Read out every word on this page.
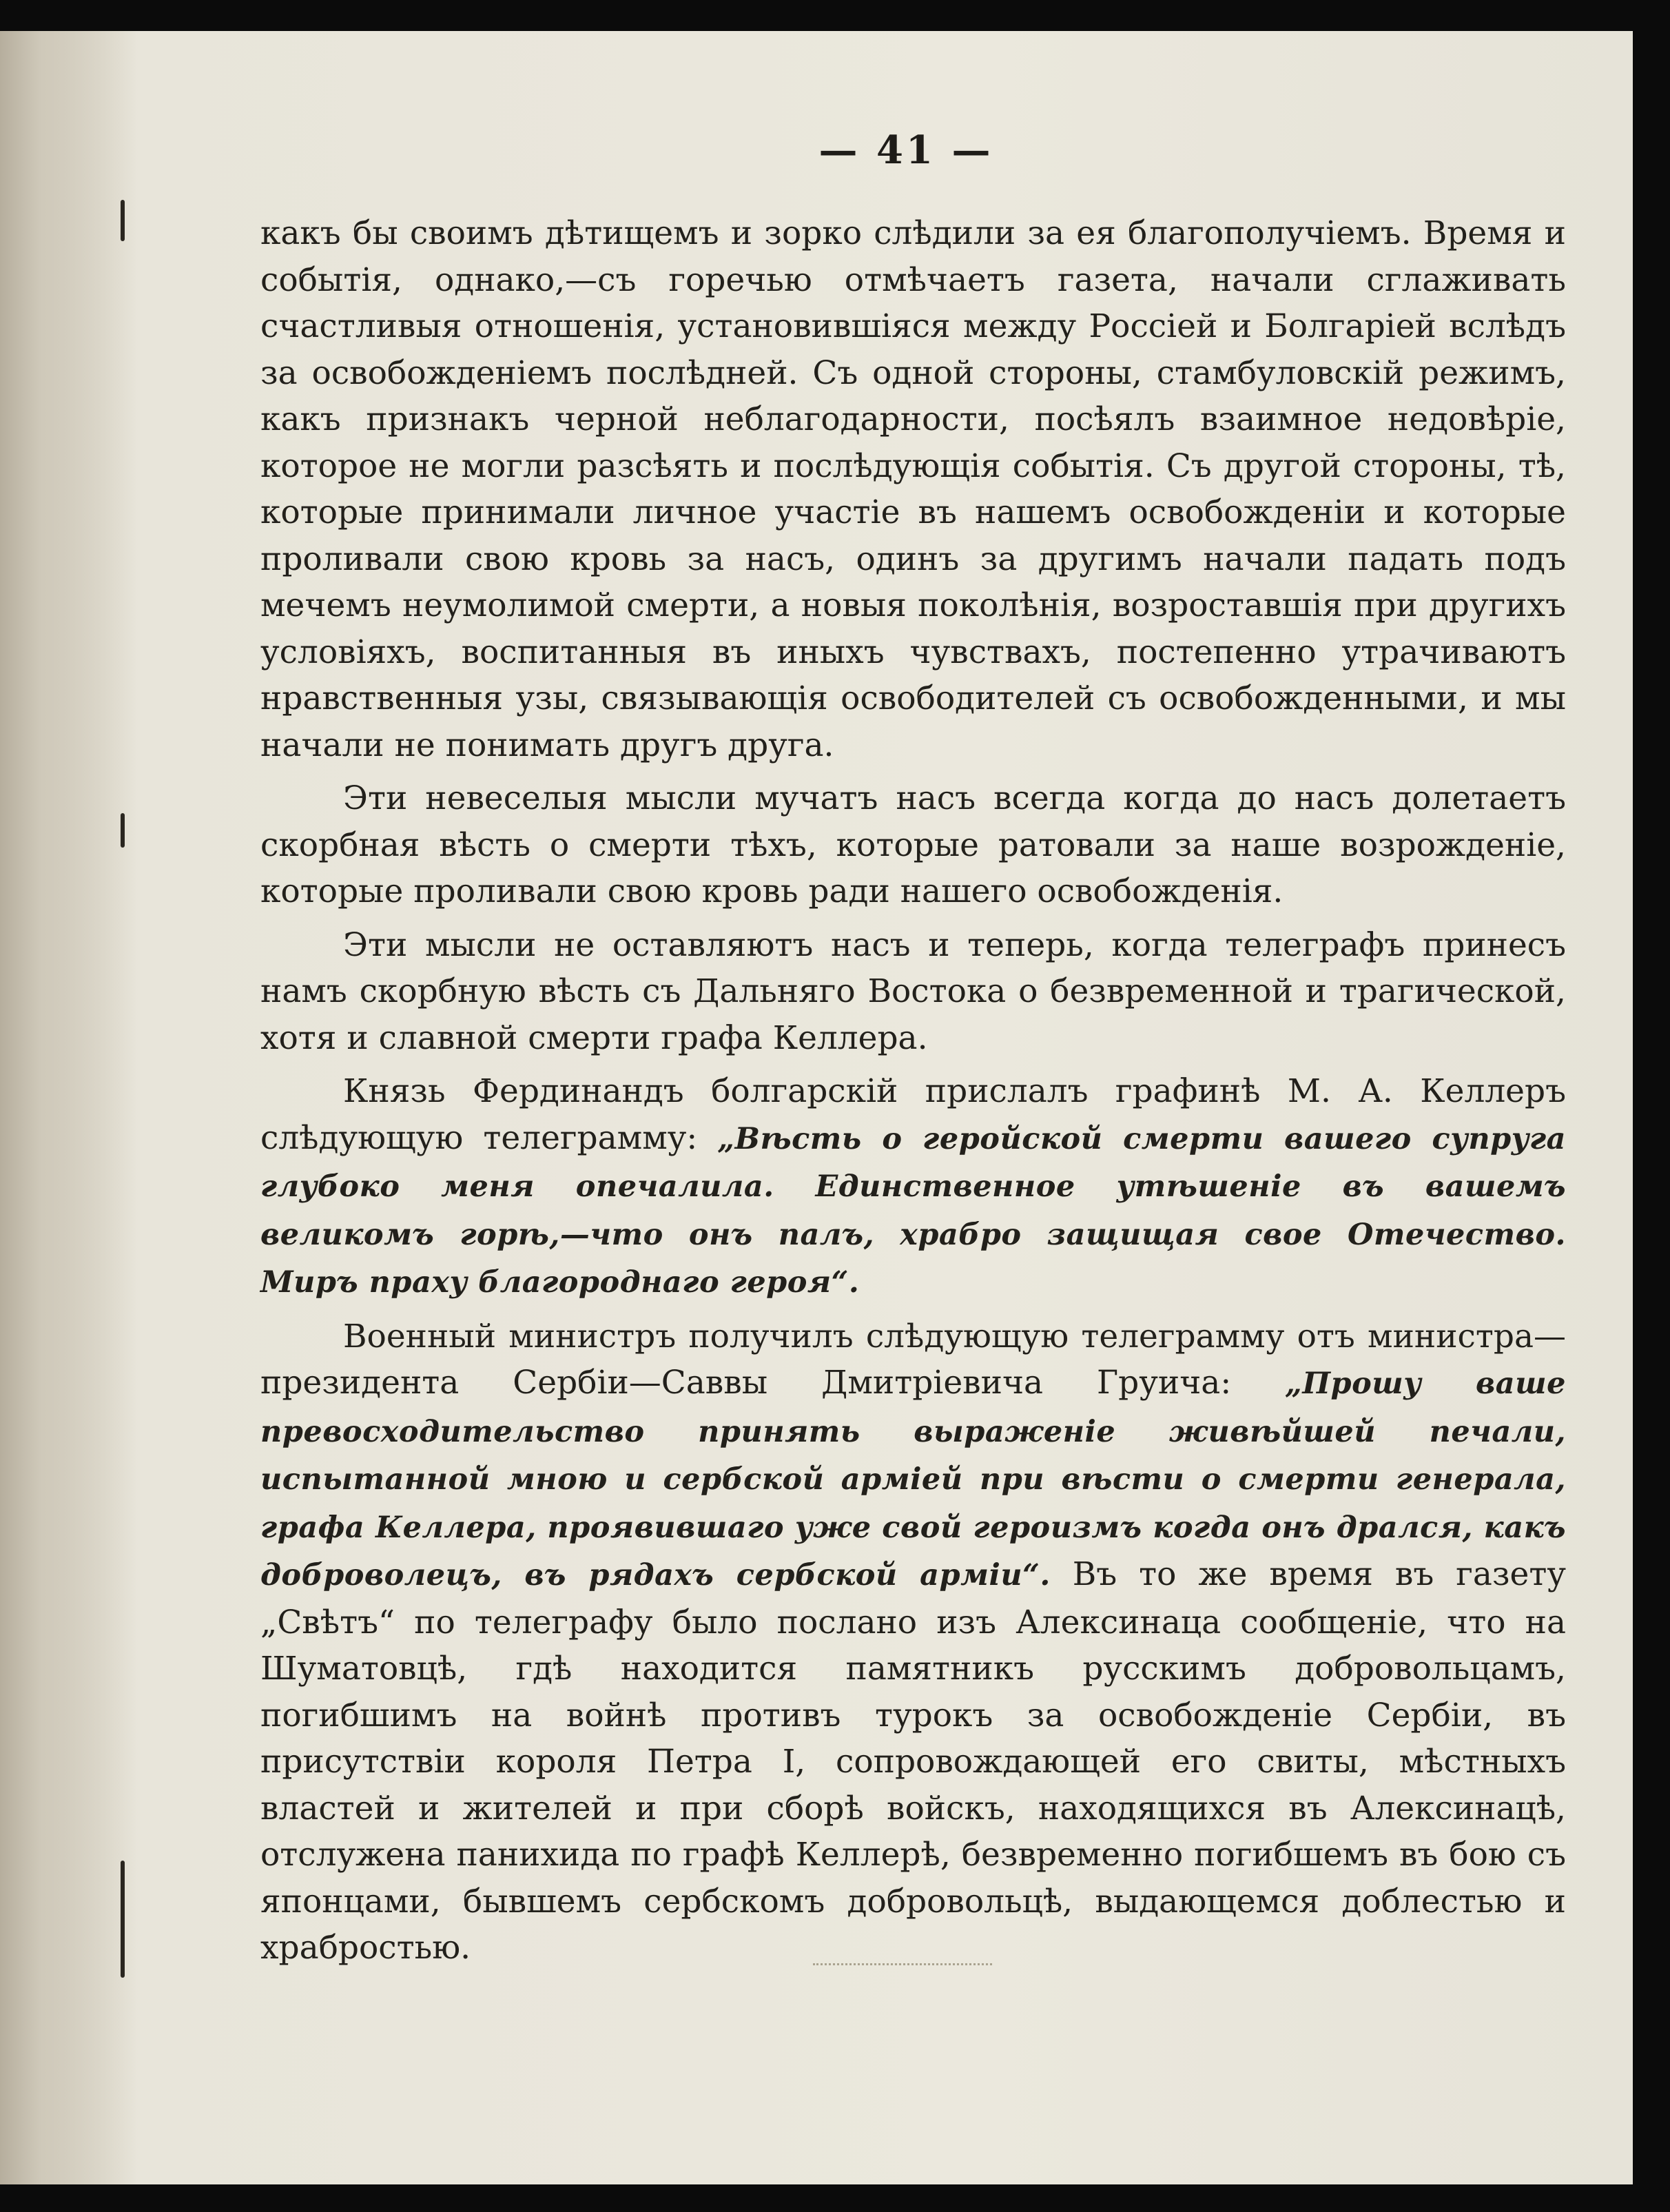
— 41 —

какъ бы своимъ дѣтищемъ и зорко слѣдили за ея благополучіемъ. Время и событія, однако,—съ горечью отмѣчаетъ газета, начали сглаживать счастливыя отношенія, установившіяся между Россіей и Болгаріей вслѣдъ за освобожденіемъ послѣдней. Съ одной стороны, стамбуловскій режимъ, какъ признакъ черной неблагодарности, посѣялъ взаимное недовѣріе, которое не могли разсѣять и послѣдующія событія. Съ другой стороны, тѣ, которые принимали личное участіе въ нашемъ освобожденіи и которые проливали свою кровь за насъ, одинъ за другимъ начали падать подъ мечемъ неумолимой смерти, а новыя поколѣнія, возроставшія при другихъ условіяхъ, воспитанныя въ иныхъ чувствахъ, постепенно утрачиваютъ нравственныя узы, связывающія освободителей съ освобожденными, и мы начали не понимать другъ друга.

Эти невеселыя мысли мучатъ насъ всегда когда до насъ долетаетъ скорбная вѣсть о смерти тѣхъ, которые ратовали за наше возрожденіе, которые проливали свою кровь ради нашего освобожденія.

Эти мысли не оставляютъ насъ и теперь, когда телеграфъ принесъ намъ скорбную вѣсть съ Дальняго Востока о безвременной и трагической, хотя и славной смерти графа Келлера.

Князь Фердинандъ болгарскій прислалъ графинѣ М. А. Келлеръ слѣдующую телеграмму: „Вѣсть о геройской смерти вашего супруга глубоко меня опечалила. Единственное утѣшеніе въ вашемъ великомъ горѣ,—что онъ палъ, храбро защищая свое Отечество. Миръ праху благороднаго героя“.

Военный министръ получилъ слѣдующую телеграмму отъ министра—президента Сербіи—Саввы Дмитріевича Груича: „Прошу ваше превосходительство принять выраженіе живѣйшей печали, испытанной мною и сербской арміей при вѣсти о смерти генерала, графа Келлера, проявившаго уже свой героизмъ когда онъ дрался, какъ доброволецъ, въ рядахъ сербской арміи“. Въ то же время въ газету „Свѣтъ“ по телеграфу было послано изъ Алексинаца сообщеніе, что на Шуматовцѣ, гдѣ находится памятникъ русскимъ добровольцамъ, погибшимъ на войнѣ противъ турокъ за освобожденіе Сербіи, въ присутствіи короля Петра I, сопровождающей его свиты, мѣстныхъ властей и жителей и при сборѣ войскъ, находящихся въ Алексинацѣ, отслужена панихида по графѣ Келлерѣ, безвременно погибшемъ въ бою съ японцами, бывшемъ сербскомъ добровольцѣ, выдающемся доблестью и храбростью.
